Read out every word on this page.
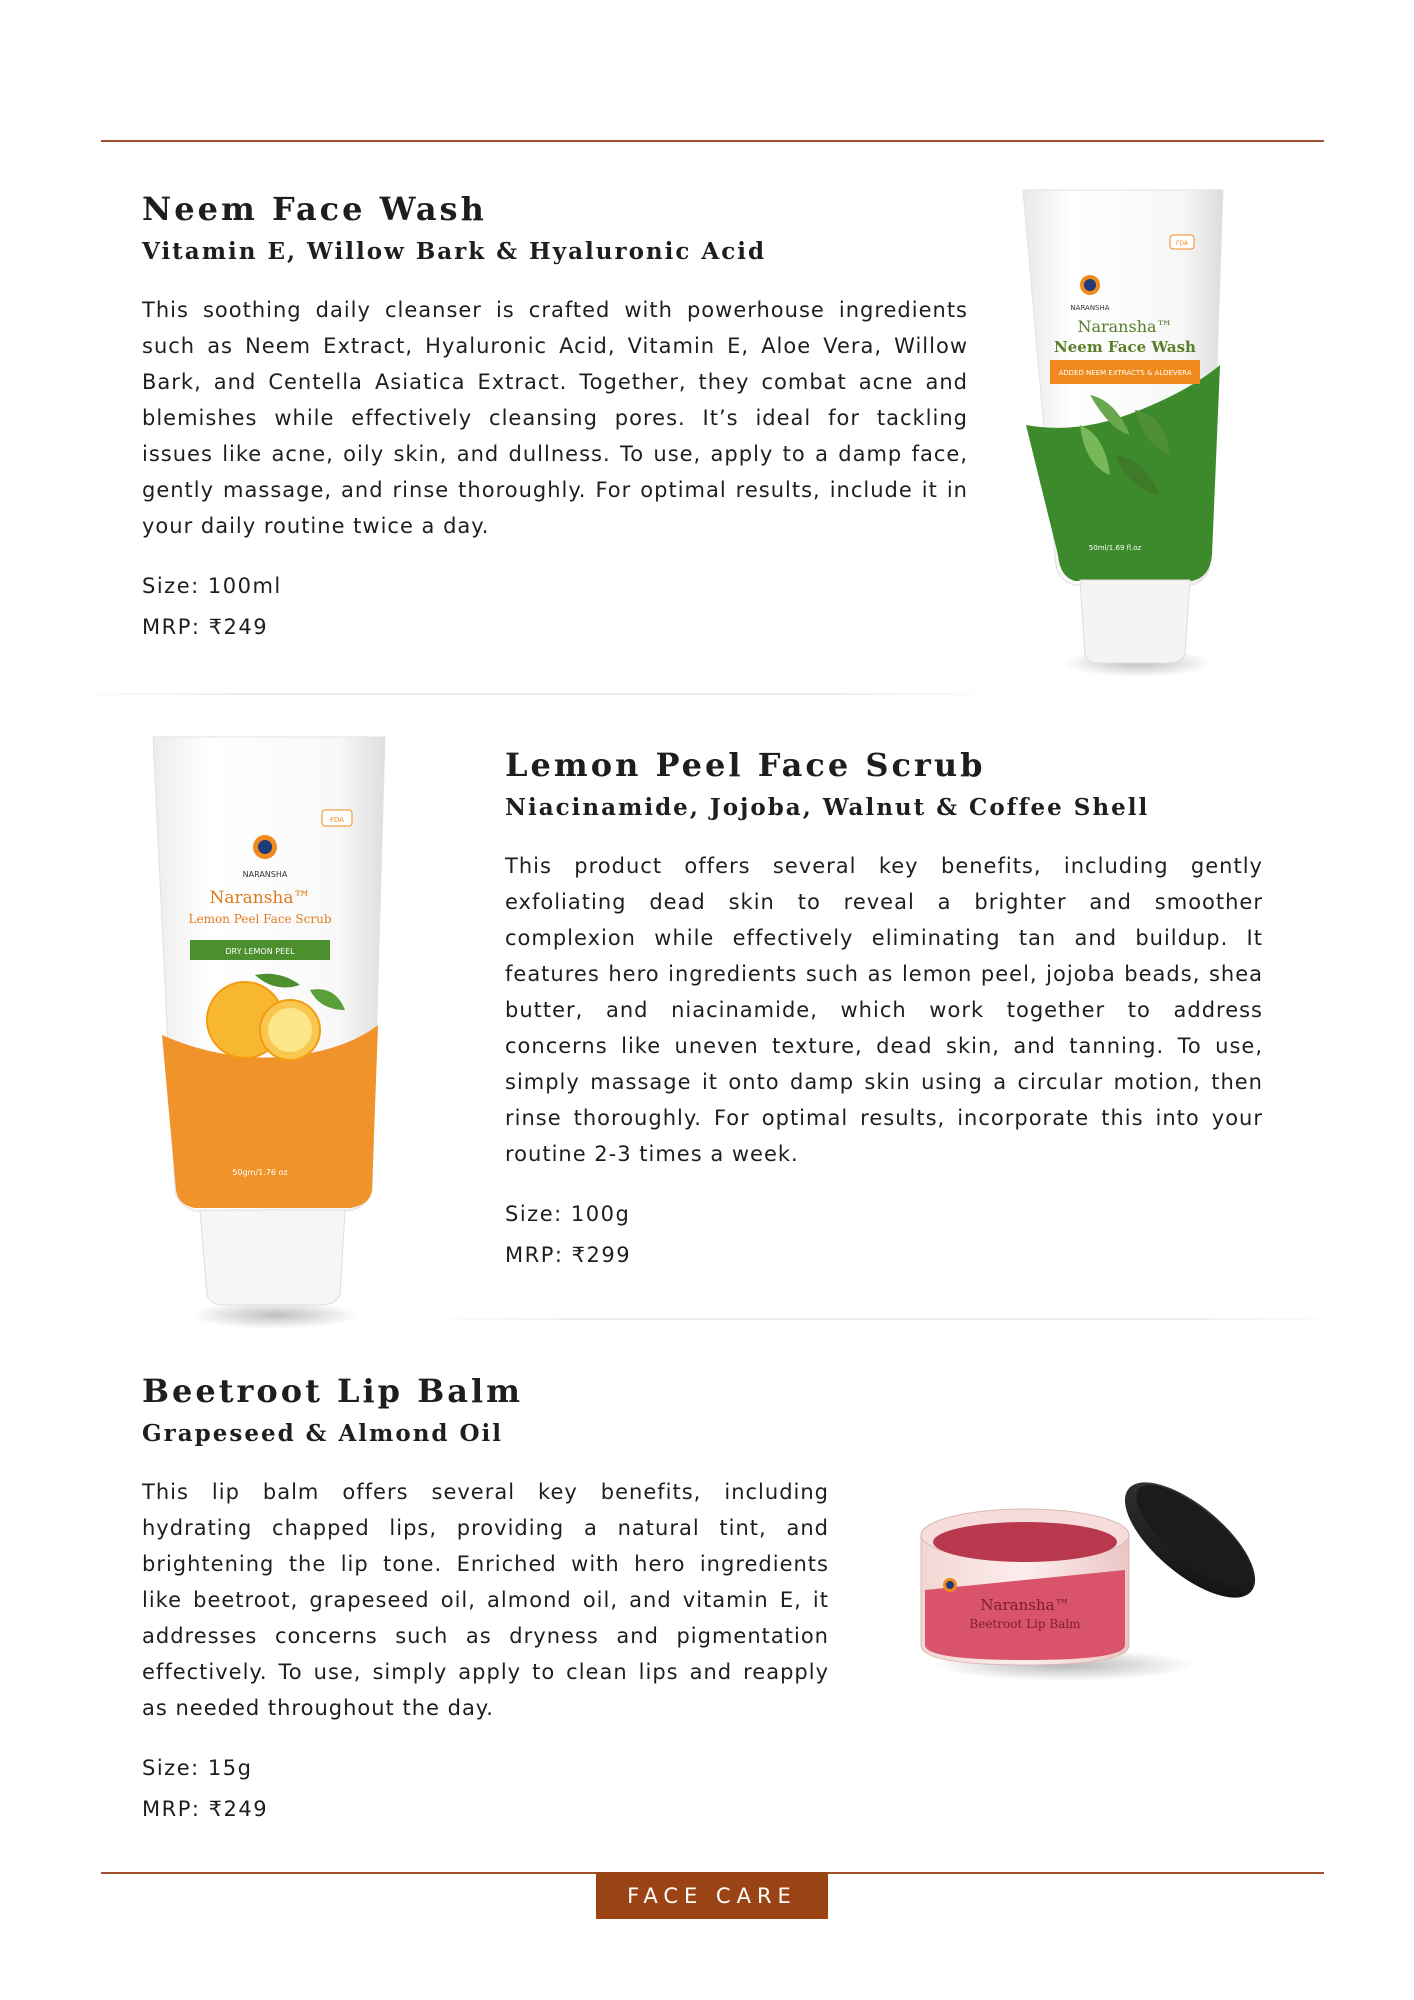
Neem Face Wash
Vitamin E, Willow Bark & Hyaluronic Acid

This soothing daily cleanser is crafted with powerhouse ingredients such as Neem Extract, Hyaluronic Acid, Vitamin E, Aloe Vera, Willow Bark, and Centella Asiatica Extract. Together, they combat acne and blemishes while effectively cleansing pores. It’s ideal for tackling issues like acne, oily skin, and dullness. To use, apply to a damp face, gently massage, and rinse thoroughly. For optimal results, include it in your daily routine twice a day.

Size: 100ml

MRP: ₹249

NARANSHA
Naransha™
Neem Face Wash
ADDED NEEM EXTRACTS & ALOEVERA
FDA
50ml/1.69 fl.oz
NARANSHA
Naransha™
Lemon Peel Face Scrub
DRY LEMON PEEL
FDA
50gm/1.76 oz
Lemon Peel Face Scrub
Niacinamide, Jojoba, Walnut & Coffee Shell

This product offers several key benefits, including gently exfoliating dead skin to reveal a brighter and smoother complexion while effectively eliminating tan and buildup. It features hero ingredients such as lemon peel, jojoba beads, shea butter, and niacinamide, which work together to address concerns like uneven texture, dead skin, and tanning. To use, simply massage it onto damp skin using a circular motion, then rinse thoroughly. For optimal results, incorporate this into your routine 2-3 times a week.

Size: 100g

MRP: ₹299

Beetroot Lip Balm
Grapeseed & Almond Oil

This lip balm offers several key benefits, including hydrating chapped lips, providing a natural tint, and brightening the lip tone. Enriched with hero ingredients like beetroot, grapeseed oil, almond oil, and vitamin E, it addresses concerns such as dryness and pigmentation effectively. To use, simply apply to clean lips and reapply as needed throughout the day.

Size: 15g

MRP: ₹249

Naransha™
Beetroot Lip Balm
FACE CARE
